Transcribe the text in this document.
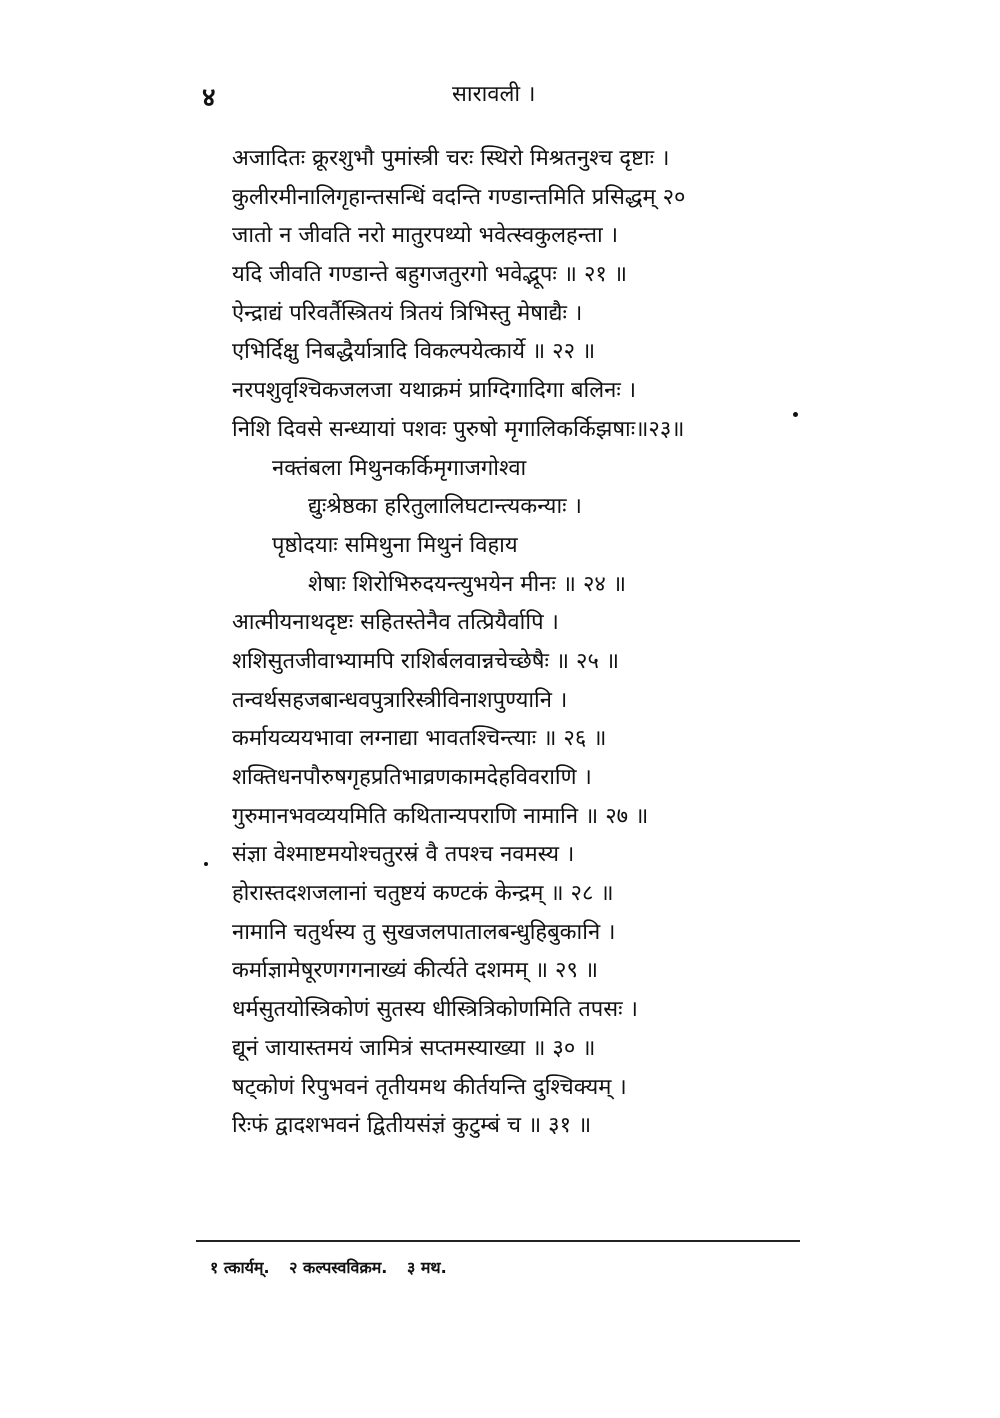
४	सारावली ।
अजादितः क्रूरशुभौ पुमांस्त्री चरः स्थिरो मिश्रतनुश्च दृष्टाः ।
कुलीरमीनालिगृहान्तसन्धिं वदन्ति गण्डान्तमिति प्रसिद्धम् २०
जातो न जीवति नरो मातुरपथ्यो भवेत्स्वकुलहन्ता ।
यदि जीवति गण्डान्ते बहुगजतुरगो भवेद्भूपः ॥ २१ ॥
ऐन्द्राद्यं परिवर्तैस्त्रितयं त्रितयं त्रिभिस्तु मेषाद्यैः ।
एभिर्दिक्षु निबद्धैर्यात्रादि विकल्पयेत्कार्ये ॥ २२ ॥
नरपशुवृश्चिकजलजा यथाक्रमं प्राग्दिगादिगा बलिनः ।
निशि दिवसे सन्ध्यायां पशवः पुरुषो मृगालिकर्किझषाः॥२३॥
नक्तंबला मिथुनकर्किमृगाजगोश्वा
द्युःश्रेष्ठका हरितुलालिघटान्त्यकन्याः ।
पृष्ठोदयाः समिथुना मिथुनं विहाय
शेषाः शिरोभिरुदयन्त्युभयेन मीनः ॥ २४ ॥
आत्मीयनाथदृष्टः सहितस्तेनैव तत्प्रियैर्वापि ।
शशिसुतजीवाभ्यामपि राशिर्बलवान्नचेच्छेषैः ॥ २५ ॥
तन्वर्थसहजबान्धवपुत्रारिस्त्रीविनाशपुण्यानि ।
कर्मायव्ययभावा लग्नाद्या भावतश्चिन्त्याः ॥ २६ ॥
शक्तिधनपौरुषगृहप्रतिभाव्रणकामदेहविवराणि ।
गुरुमानभवव्ययमिति कथितान्यपराणि नामानि ॥ २७ ॥
संज्ञा वेश्माष्टमयोश्चतुरस्रं वै तपश्च नवमस्य ।
होरास्तदशजलानां चतुष्टयं कण्टकं केन्द्रम् ॥ २८ ॥
नामानि चतुर्थस्य तु सुखजलपातालबन्धुहिबुकानि ।
कर्माज्ञामेषूरणगगनाख्यं कीर्त्यते दशमम् ॥ २९ ॥
धर्मसुतयोस्त्रिकोणं सुतस्य धीस्त्रित्रिकोणमिति तपसः ।
द्यूनं जायास्तमयं जामित्रं सप्तमस्याख्या ॥ ३० ॥
षट्कोणं रिपुभवनं तृतीयमथ कीर्तयन्ति दुश्चिक्यम् ।
रिःफं द्वादशभवनं द्वितीयसंज्ञं कुटुम्बं च ॥ ३१ ॥
१ त्कार्यम्. २ कल्पस्वविक्रम. ३ मथ.
